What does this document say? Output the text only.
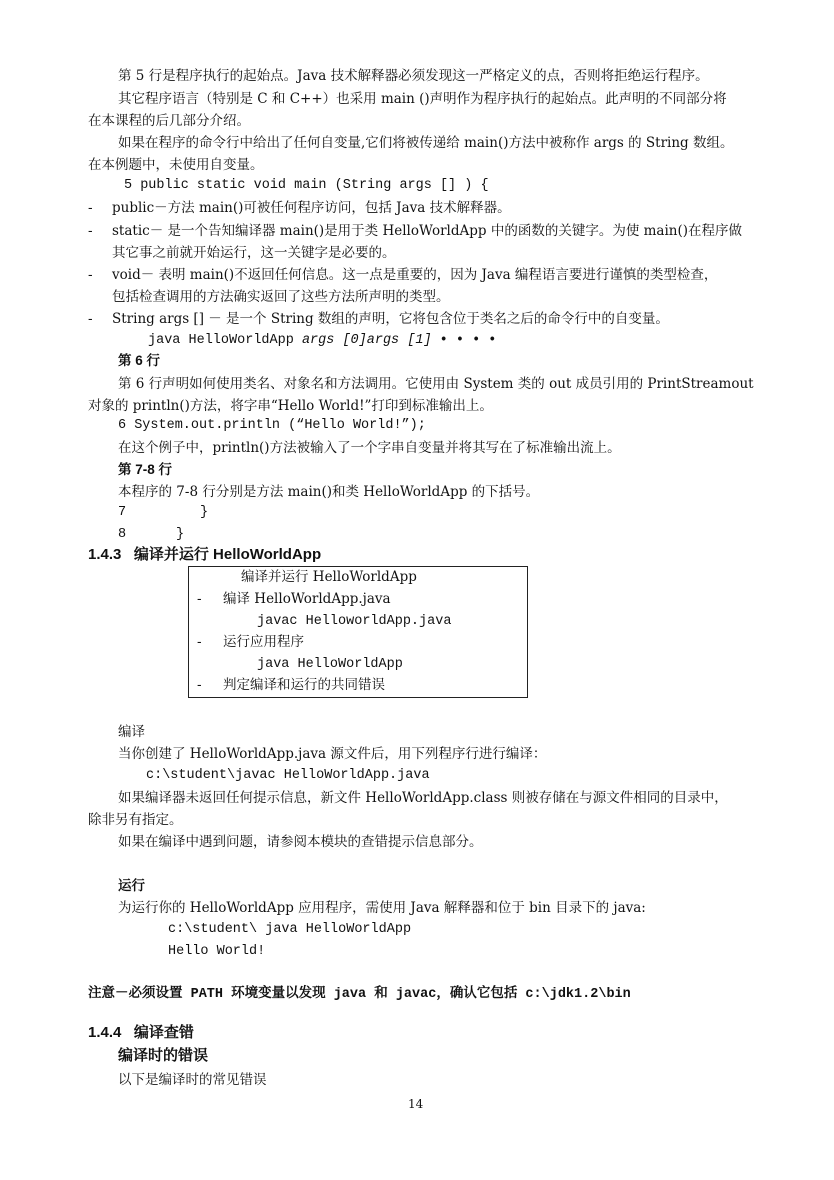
第 5 行是程序执行的起始点。Java 技术解释器必须发现这一严格定义的点，否则将拒绝运行程序。
其它程序语言（特别是 C 和 C++）也采用 main ()声明作为程序执行的起始点。此声明的不同部分将
在本课程的后几部分介绍。
如果在程序的命令行中给出了任何自变量,它们将被传递给 main()方法中被称作 args 的 String 数组。
在本例题中，未使用自变量。
5 public static void main (String args [] ) {
- public－方法 main()可被任何程序访问，包括 Java 技术解释器。
- static－ 是一个告知编译器 main()是用于类 HelloWorldApp 中的函数的关键字。为使 main()在程序做
其它事之前就开始运行，这一关键字是必要的。
- void－ 表明 main()不返回任何信息。这一点是重要的，因为 Java 编程语言要进行谨慎的类型检查，
包括检查调用的方法确实返回了这些方法所声明的类型。
- String args [] － 是一个 String 数组的声明，它将包含位于类名之后的命令行中的自变量。
java HelloWorldApp args [0]args [1] • • • •
第 6 行
第 6 行声明如何使用类名、对象名和方法调用。它使用由 System 类的 out 成员引用的 PrintStreamout
对象的 println()方法，将字串“Hello World!”打印到标准输出上。
6 System.out.println (“Hello World!”);
在这个例子中，println()方法被输入了一个字串自变量并将其写在了标准输出流上。
第 7-8 行
本程序的 7-8 行分别是方法 main()和类 HelloWorldApp 的下括号。
7	}
8	}
1.4.3 编译并运行 HelloWorldApp
编译并运行 HelloWorldApp
- 编译 HelloWorldApp.java
javac HelloworldApp.java
- 运行应用程序
java HelloWorldApp
- 判定编译和运行的共同错误
编译
当你创建了 HelloWorldApp.java 源文件后，用下列程序行进行编译：
c:\student\javac HelloWorldApp.java
如果编译器未返回任何提示信息，新文件 HelloWorldApp.class 则被存储在与源文件相同的目录中，
除非另有指定。
如果在编译中遇到问题，请参阅本模块的查错提示信息部分。
运行
为运行你的 HelloWorldApp 应用程序，需使用 Java 解释器和位于 bin 目录下的 java:
c:\student\ java HelloWorldApp
Hello World!
注意－必须设置 PATH 环境变量以发现 java 和 javac，确认它包括 c:\jdk1.2\bin
1.4.4 编译查错
编译时的错误
以下是编译时的常见错误
14
